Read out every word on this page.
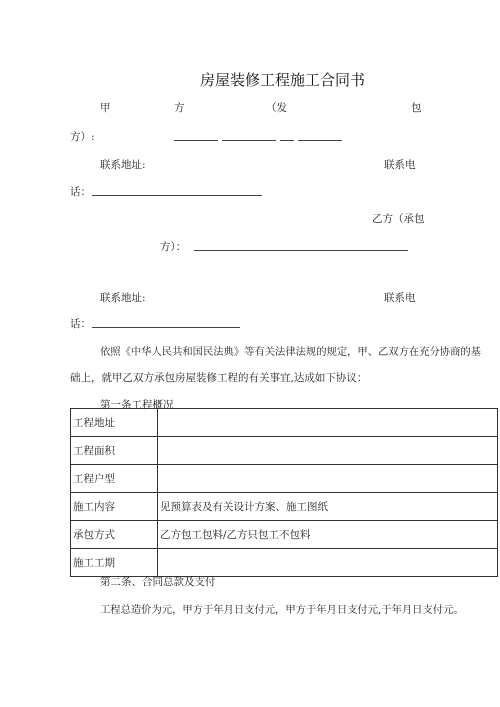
房屋装修工程施工合同书
甲	方	（发	包
方）:
联系地址:	联系电
话：
乙方（承包
方）：
联系地址:	联系电
话：
依照《中华人民共和国民法典》等有关法律法规的规定，甲、乙双方在充分协商的基
础上，就甲乙双方承包房屋装修工程的有关事宜,达成如下协议：
第一条工程概况
工程地址	
工程面积	
工程户型	
施工内容	见预算表及有关设计方案、施工图纸
承包方式	乙方包工包料/乙方只包工不包料
施工工期	
第二条、合同总款及支付
工程总造价为元，甲方于年月日支付元，甲方于年月日支付元,于年月日支付元。
